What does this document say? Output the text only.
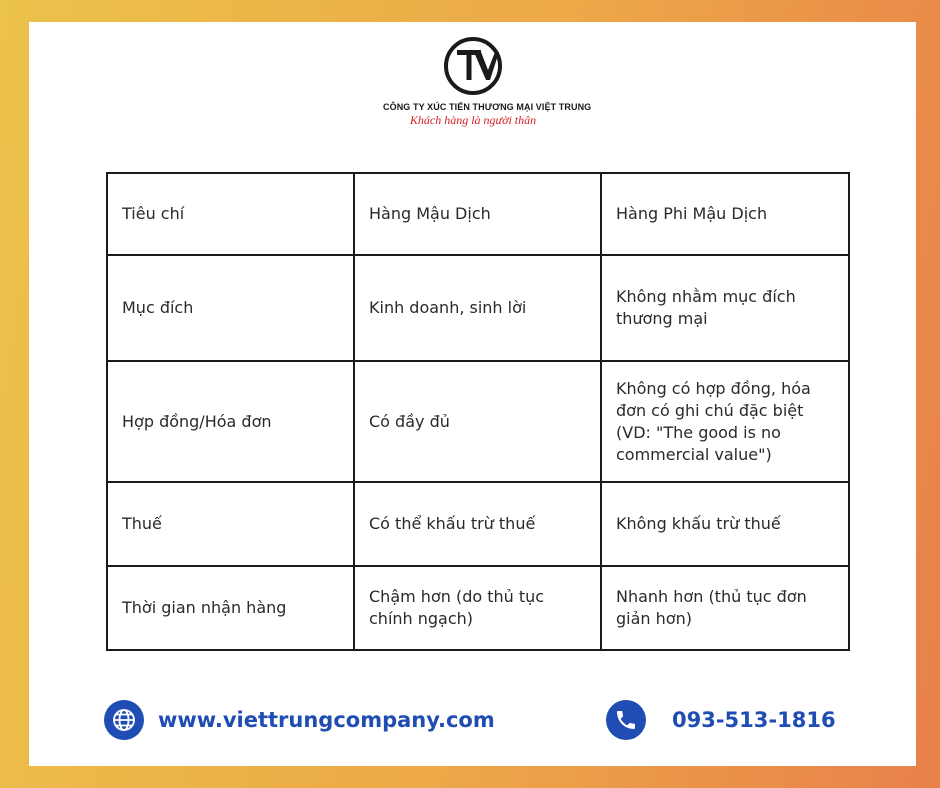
CÔNG TY XÚC TIẾN THƯƠNG MẠI VIỆT TRUNG
Khách hàng là người thân
Tiêu chí	Hàng Mậu Dịch	Hàng Phi Mậu Dịch
Mục đích	Kinh doanh, sinh lời	Không nhằm mục đích thương mại
Hợp đồng/Hóa đơn	Có đầy đủ	Không có hợp đồng, hóa đơn có ghi chú đặc biệt (VD: "The good is no commercial value")
Thuế	Có thể khấu trừ thuế	Không khấu trừ thuế
Thời gian nhận hàng	Chậm hơn (do thủ tục chính ngạch)	Nhanh hơn (thủ tục đơn giản hơn)
www.viettrungcompany.com	093-513-1816
